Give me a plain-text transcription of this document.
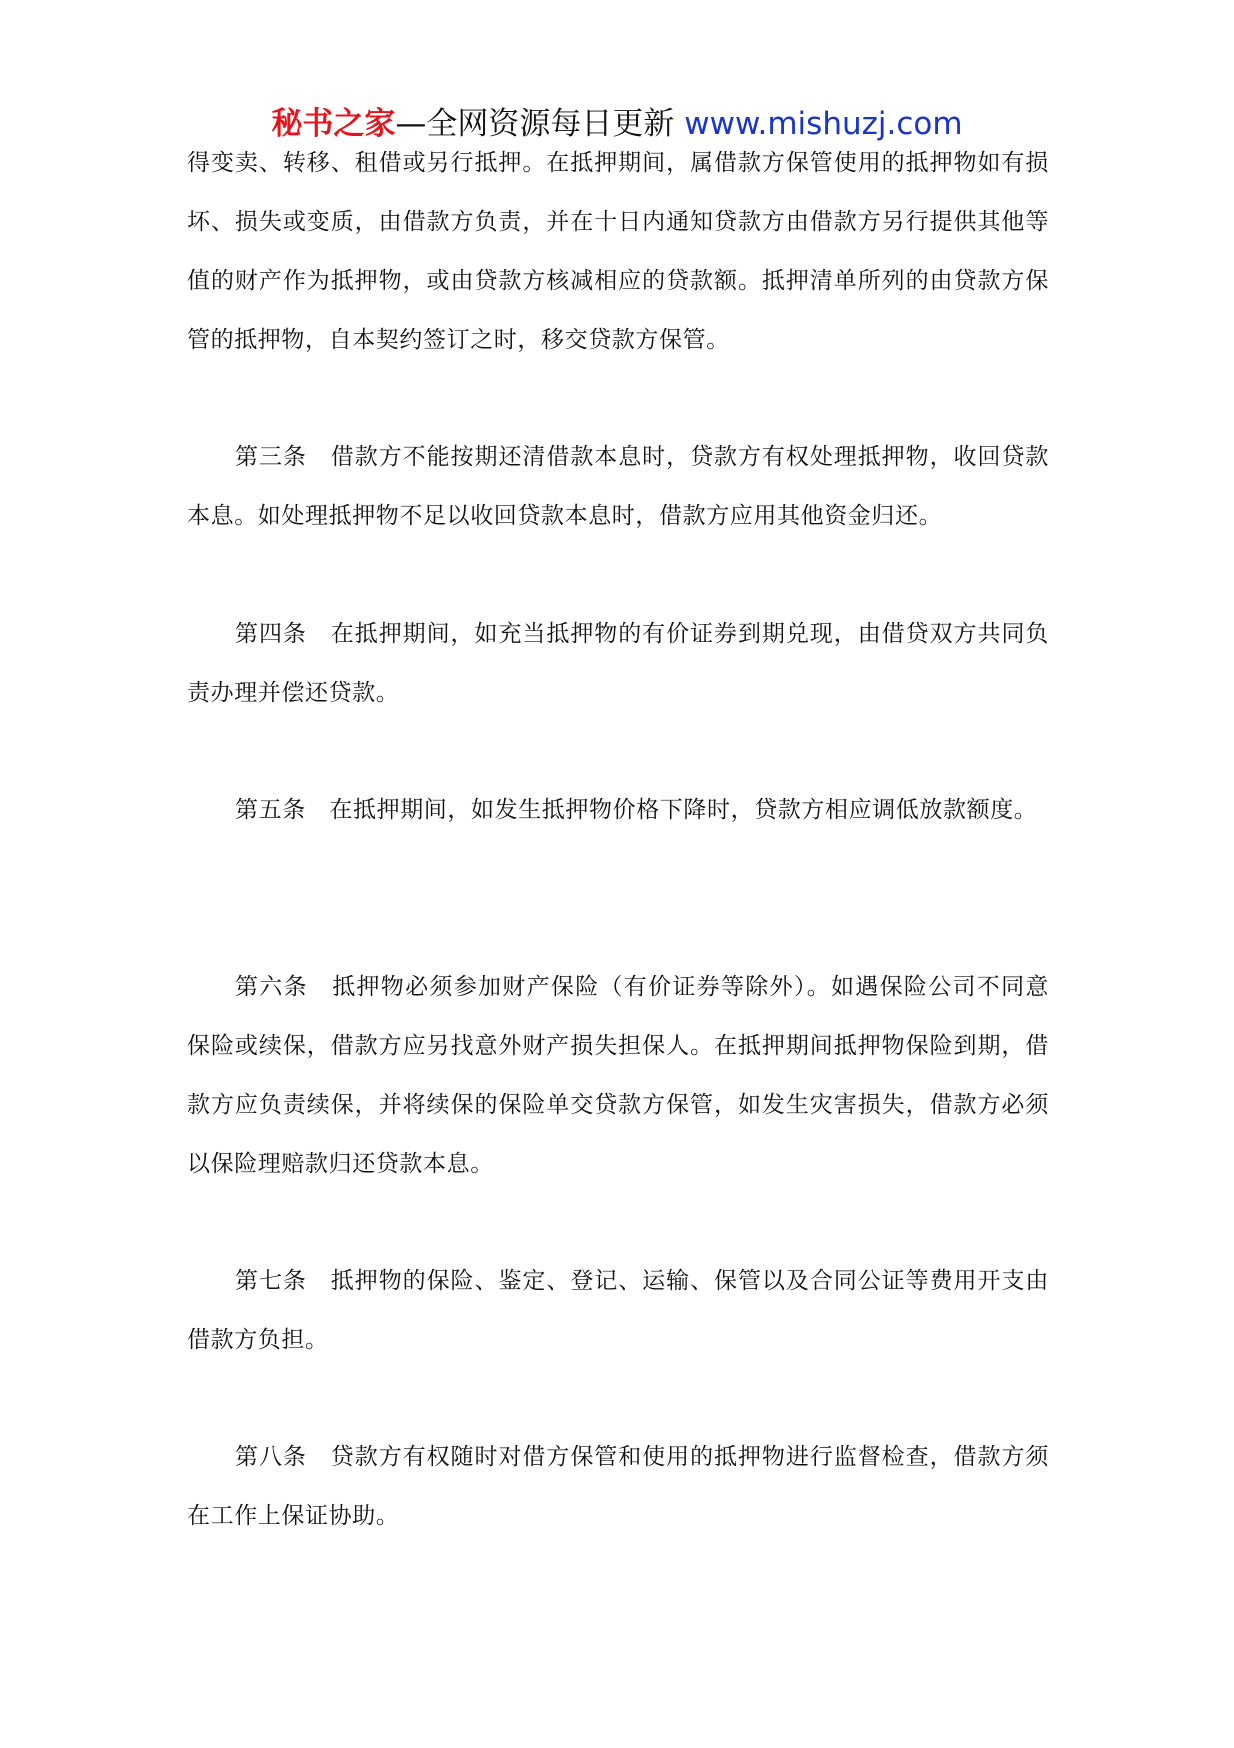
秘书之家—全网资源每日更新 www.mishuzj.com

得变卖、转移、租借或另行抵押。在抵押期间，属借款方保管使用的抵押物如有损坏、损失或变质，由借款方负责，并在十日内通知贷款方由借款方另行提供其他等值的财产作为抵押物，或由贷款方核减相应的贷款额。抵押清单所列的由贷款方保管的抵押物，自本契约签订之时，移交贷款方保管。

第三条　借款方不能按期还清借款本息时，贷款方有权处理抵押物，收回贷款本息。如处理抵押物不足以收回贷款本息时，借款方应用其他资金归还。

第四条　在抵押期间，如充当抵押物的有价证券到期兑现，由借贷双方共同负责办理并偿还贷款。

第五条　在抵押期间，如发生抵押物价格下降时，贷款方相应调低放款额度。

第六条　抵押物必须参加财产保险（有价证券等除外）。如遇保险公司不同意保险或续保，借款方应另找意外财产损失担保人。在抵押期间抵押物保险到期，借款方应负责续保，并将续保的保险单交贷款方保管，如发生灾害损失，借款方必须以保险理赔款归还贷款本息。

第七条　抵押物的保险、鉴定、登记、运输、保管以及合同公证等费用开支由借款方负担。

第八条　贷款方有权随时对借方保管和使用的抵押物进行监督检查，借款方须在工作上保证协助。
